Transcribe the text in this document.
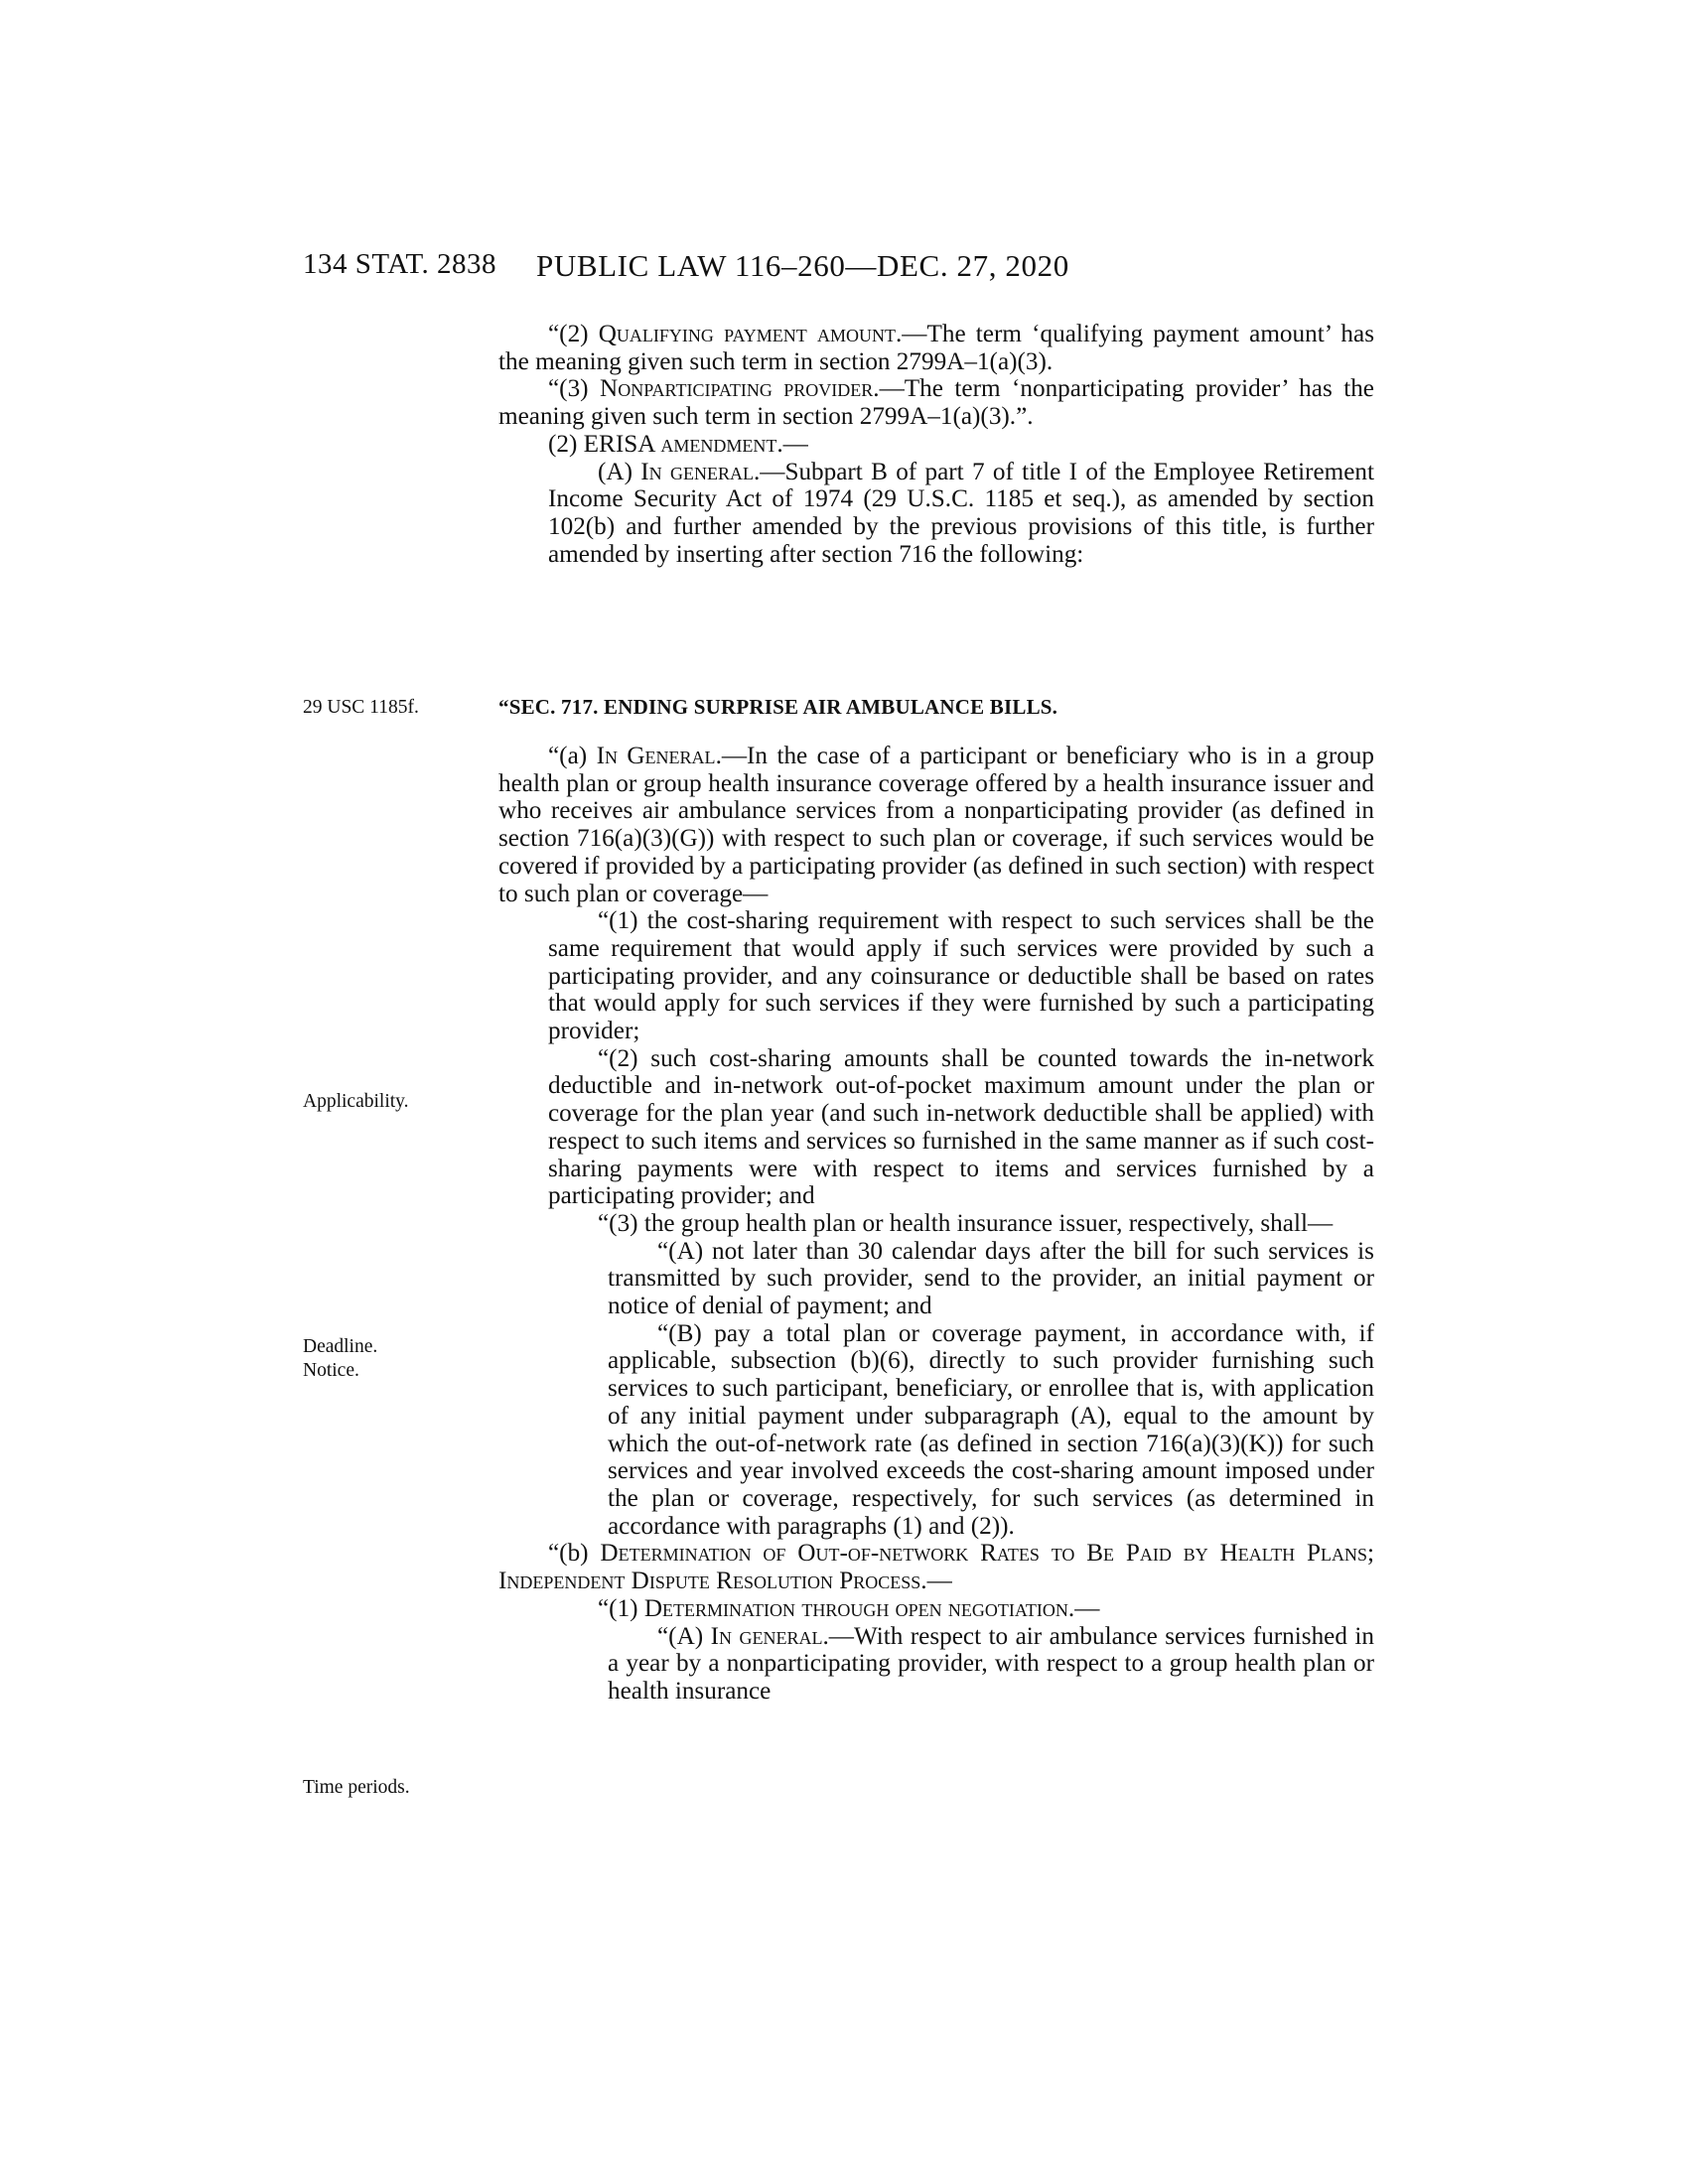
134 STAT. 2838 PUBLIC LAW 116–260—DEC. 27, 2020

“(2) Qualifying payment amount.—The term ‘qualifying payment amount’ has the meaning given such term in section 2799A–1(a)(3).

“(3) Nonparticipating provider.—The term ‘nonparticipating provider’ has the meaning given such term in section 2799A–1(a)(3).”.

(2) ERISA amendment.—

(A) In general.—Subpart B of part 7 of title I of the Employee Retirement Income Security Act of 1974 (29 U.S.C. 1185 et seq.), as amended by section 102(b) and further amended by the previous provisions of this title, is further amended by inserting after section 716 the following:

29 USC 1185f.	“SEC. 717. ENDING SURPRISE AIR AMBULANCE BILLS.

“(a) In General.—In the case of a participant or beneficiary who is in a group health plan or group health insurance coverage offered by a health insurance issuer and who receives air ambulance services from a nonparticipating provider (as defined in section 716(a)(3)(G)) with respect to such plan or coverage, if such services would be covered if provided by a participating provider (as defined in such section) with respect to such plan or coverage—

“(1) the cost-sharing requirement with respect to such services shall be the same requirement that would apply if such services were provided by such a participating provider, and any coinsurance or deductible shall be based on rates that would apply for such services if they were furnished by such a participating provider;

“(2) such cost-sharing amounts shall be counted towards the in-network deductible and in-network out-of-pocket maximum amount under the plan or coverage for the plan year (and such in-network deductible shall be applied) with respect to such items and services so furnished in the same manner as if such cost-sharing payments were with respect to items and services furnished by a participating provider; and

“(3) the group health plan or health insurance issuer, respectively, shall—

“(A) not later than 30 calendar days after the bill for such services is transmitted by such provider, send to the provider, an initial payment or notice of denial of payment; and

“(B) pay a total plan or coverage payment, in accordance with, if applicable, subsection (b)(6), directly to such provider furnishing such services to such participant, beneficiary, or enrollee that is, with application of any initial payment under subparagraph (A), equal to the amount by which the out-of-network rate (as defined in section 716(a)(3)(K)) for such services and year involved exceeds the cost-sharing amount imposed under the plan or coverage, respectively, for such services (as determined in accordance with paragraphs (1) and (2)).

“(b) Determination of Out-of-network Rates to Be Paid by Health Plans; Independent Dispute Resolution Process.—

“(1) Determination through open negotiation.—

“(A) In general.—With respect to air ambulance services furnished in a year by a nonparticipating provider, with respect to a group health plan or health insurance

Applicability.
Deadline.
Notice.
Time periods.
